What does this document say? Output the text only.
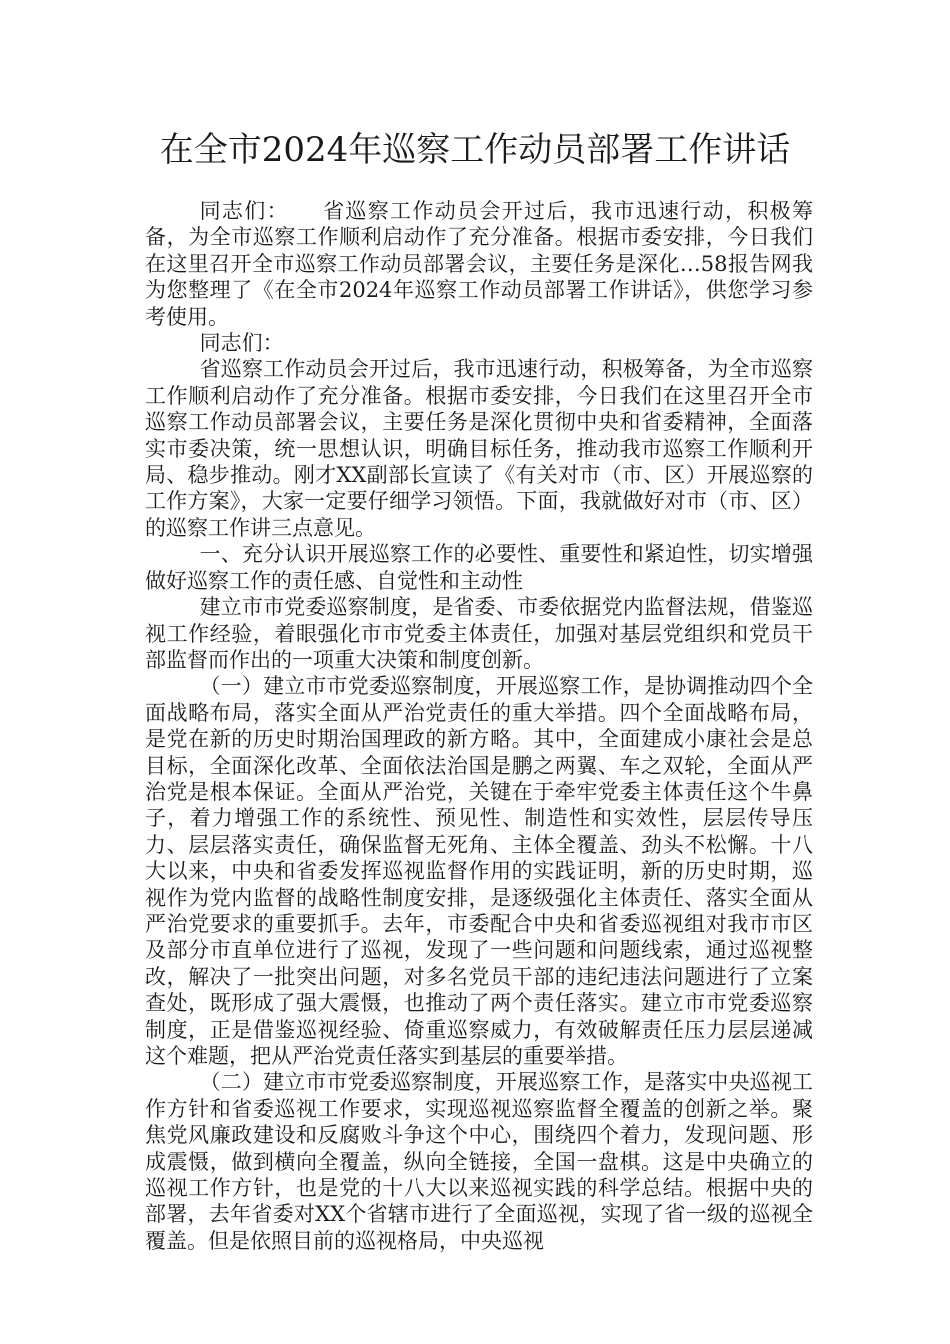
在全市2024年巡察工作动员部署工作讲话

同志们：　　省巡察工作动员会开过后，我市迅速行动，积极筹备，为全市巡察工作顺利启动作了充分准备。根据市委安排，今日我们在这里召开全市巡察工作动员部署会议，主要任务是深化…58报告网我为您整理了《在全市2024年巡察工作动员部署工作讲话》，供您学习参考使用。

同志们：

省巡察工作动员会开过后，我市迅速行动，积极筹备，为全市巡察工作顺利启动作了充分准备。根据市委安排，今日我们在这里召开全市巡察工作动员部署会议，主要任务是深化贯彻中央和省委精神，全面落实市委决策，统一思想认识，明确目标任务，推动我市巡察工作顺利开局、稳步推动。刚才XX副部长宣读了《有关对市（市、区）开展巡察的工作方案》，大家一定要仔细学习领悟。下面，我就做好对市（市、区）的巡察工作讲三点意见。

一、充分认识开展巡察工作的必要性、重要性和紧迫性，切实增强做好巡察工作的责任感、自觉性和主动性

建立市市党委巡察制度，是省委、市委依据党内监督法规，借鉴巡视工作经验，着眼强化市市党委主体责任，加强对基层党组织和党员干部监督而作出的一项重大决策和制度创新。

（一）建立市市党委巡察制度，开展巡察工作，是协调推动四个全面战略布局，落实全面从严治党责任的重大举措。四个全面战略布局，是党在新的历史时期治国理政的新方略。其中，全面建成小康社会是总目标，全面深化改革、全面依法治国是鹏之两翼、车之双轮，全面从严治党是根本保证。全面从严治党，关键在于牵牢党委主体责任这个牛鼻子，着力增强工作的系统性、预见性、制造性和实效性，层层传导压力、层层落实责任，确保监督无死角、主体全覆盖、劲头不松懈。十八大以来，中央和省委发挥巡视监督作用的实践证明，新的历史时期，巡视作为党内监督的战略性制度安排，是逐级强化主体责任、落实全面从严治党要求的重要抓手。去年，市委配合中央和省委巡视组对我市市区及部分市直单位进行了巡视，发现了一些问题和问题线索，通过巡视整改，解决了一批突出问题，对多名党员干部的违纪违法问题进行了立案查处，既形成了强大震慑，也推动了两个责任落实。建立市市党委巡察制度，正是借鉴巡视经验、倚重巡察威力，有效破解责任压力层层递减这个难题，把从严治党责任落实到基层的重要举措。

（二）建立市市党委巡察制度，开展巡察工作，是落实中央巡视工作方针和省委巡视工作要求，实现巡视巡察监督全覆盖的创新之举。聚焦党风廉政建设和反腐败斗争这个中心，围绕四个着力，发现问题、形成震慑，做到横向全覆盖，纵向全链接，全国一盘棋。这是中央确立的巡视工作方针，也是党的十八大以来巡视实践的科学总结。根据中央的部署，去年省委对XX个省辖市进行了全面巡视，实现了省一级的巡视全覆盖。但是依照目前的巡视格局，中央巡视
